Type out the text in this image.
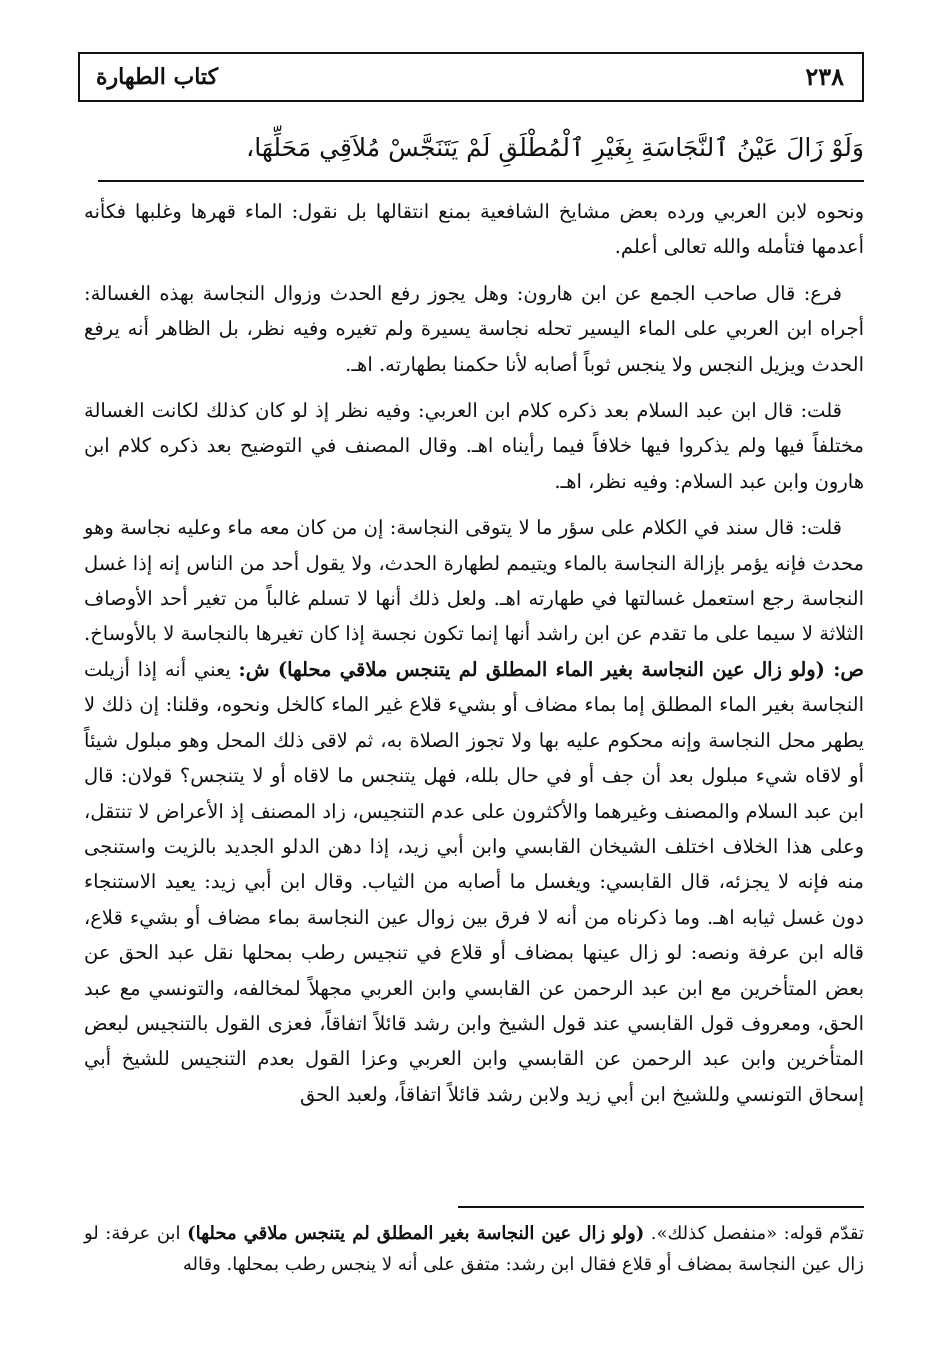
٢٣٨
كتاب الطهارة
وَلَوْ زَالَ عَيْنُ ٱلنَّجَاسَةِ بِغَيْرِ ٱلْمُطْلَقِ لَمْ يَتَنَجَّسْ مُلاَقِي مَحَلِّهَا،

ونحوه لابن العربي ورده بعض مشايخ الشافعية بمنع انتقالها بل نقول: الماء قهرها وغلبها فكأنه أعدمها فتأمله والله تعالى أعلم.

فرع: قال صاحب الجمع عن ابن هارون: وهل يجوز رفع الحدث وزوال النجاسة بهذه الغسالة: أجراه ابن العربي على الماء اليسير تحله نجاسة يسيرة ولم تغيره وفيه نظر، بل الظاهر أنه يرفع الحدث ويزيل النجس ولا ينجس ثوباً أصابه لأنا حكمنا بطهارته. اهـ.

قلت: قال ابن عبد السلام بعد ذكره كلام ابن العربي: وفيه نظر إذ لو كان كذلك لكانت الغسالة مختلفاً فيها ولم يذكروا فيها خلافاً فيما رأيناه اهـ. وقال المصنف في التوضيح بعد ذكره كلام ابن هارون وابن عبد السلام: وفيه نظر، اهـ.

قلت: قال سند في الكلام على سؤر ما لا يتوقى النجاسة: إن من كان معه ماء وعليه نجاسة وهو محدث فإنه يؤمر بإزالة النجاسة بالماء ويتيمم لطهارة الحدث، ولا يقول أحد من الناس إنه إذا غسل النجاسة رجع استعمل غسالتها في طهارته اهـ. ولعل ذلك أنها لا تسلم غالباً من تغير أحد الأوصاف الثلاثة لا سيما على ما تقدم عن ابن راشد أنها إنما تكون نجسة إذا كان تغيرها بالنجاسة لا بالأوساخ. ص: (ولو زال عين النجاسة بغير الماء المطلق لم يتنجس ملاقي محلها) ش: يعني أنه إذا أزيلت النجاسة بغير الماء المطلق إما بماء مضاف أو بشيء قلاع غير الماء كالخل ونحوه، وقلنا: إن ذلك لا يطهر محل النجاسة وإنه محكوم عليه بها ولا تجوز الصلاة به، ثم لاقى ذلك المحل وهو مبلول شيئاً أو لاقاه شيء مبلول بعد أن جف أو في حال بلله، فهل يتنجس ما لاقاه أو لا يتنجس؟ قولان: قال ابن عبد السلام والمصنف وغيرهما والأكثرون على عدم التنجيس، زاد المصنف إذ الأعراض لا تنتقل، وعلى هذا الخلاف اختلف الشيخان القابسي وابن أبي زيد، إذا دهن الدلو الجديد بالزيت واستنجى منه فإنه لا يجزئه، قال القابسي: ويغسل ما أصابه من الثياب. وقال ابن أبي زيد: يعيد الاستنجاء دون غسل ثيابه اهـ. وما ذكرناه من أنه لا فرق بين زوال عين النجاسة بماء مضاف أو بشيء قلاع، قاله ابن عرفة ونصه: لو زال عينها بمضاف أو قلاع في تنجيس رطب بمحلها نقل عبد الحق عن بعض المتأخرين مع ابن عبد الرحمن عن القابسي وابن العربي مجهلاً لمخالفه، والتونسي مع عبد الحق، ومعروف قول القابسي عند قول الشيخ وابن رشد قائلاً اتفاقاً، فعزى القول بالتنجيس لبعض المتأخرين وابن عبد الرحمن عن القابسي وابن العربي وعزا القول بعدم التنجيس للشيخ أبي إسحاق التونسي وللشيخ ابن أبي زيد ولابن رشد قائلاً اتفاقاً، ولعبد الحق

تقدّم قوله: «منفصل كذلك». (ولو زال عين النجاسة بغير المطلق لم يتنجس ملاقي محلها) ابن عرفة: لو زال عين النجاسة بمضاف أو قلاع فقال ابن رشد: متفق على أنه لا ينجس رطب بمحلها. وقاله
